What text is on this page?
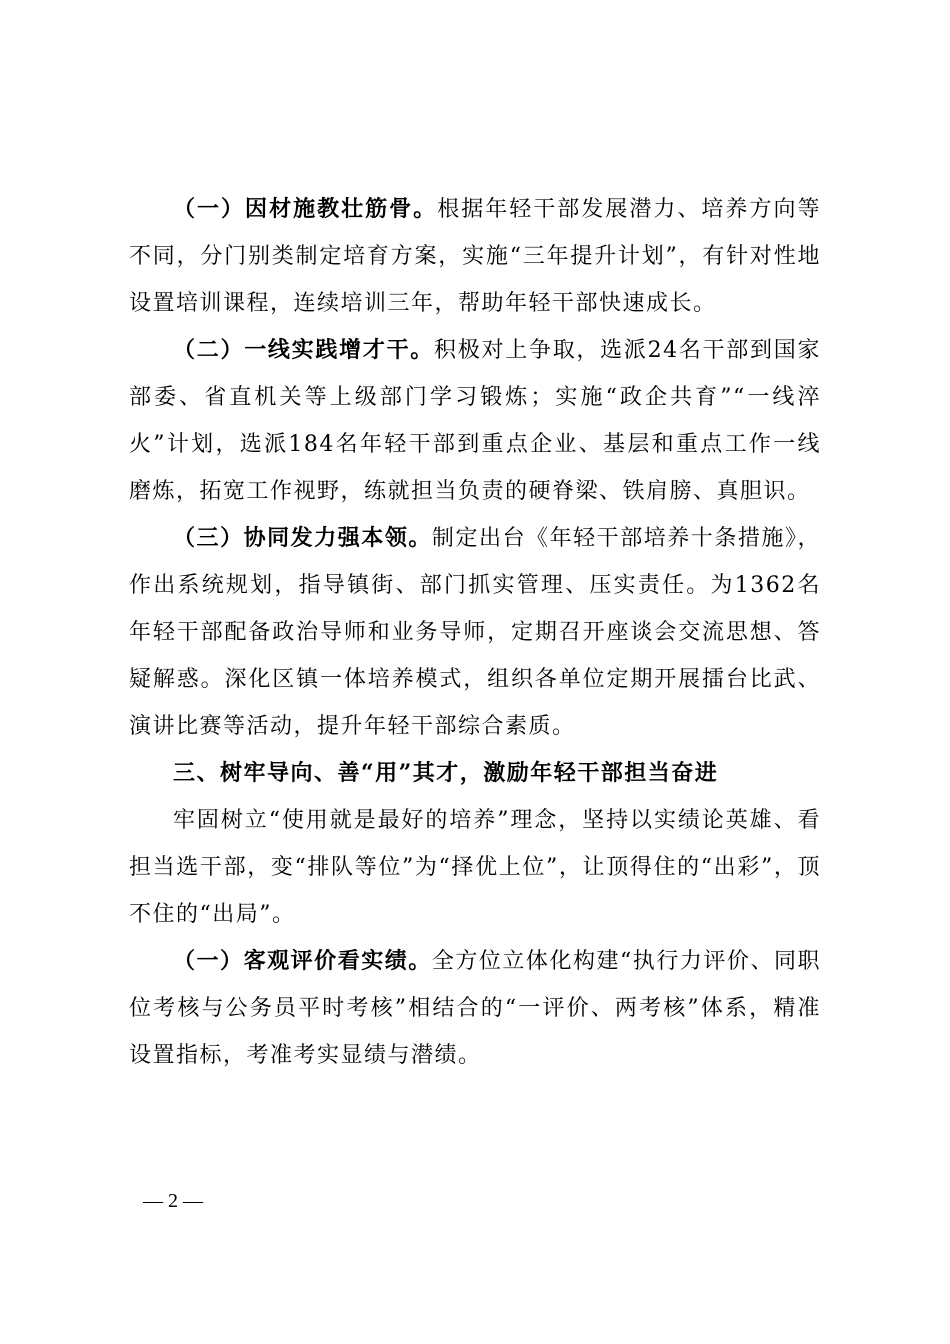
（一）因材施教壮筋骨。根据年轻干部发展潜力、培养方向等不同，分门别类制定培育方案，实施“三年提升计划”，有针对性地设置培训课程，连续培训三年，帮助年轻干部快速成长。

（二）一线实践增才干。积极对上争取，选派24名干部到国家部委、省直机关等上级部门学习锻炼；实施“政企共育”“一线淬火”计划，选派184名年轻干部到重点企业、基层和重点工作一线磨炼，拓宽工作视野，练就担当负责的硬脊梁、铁肩膀、真胆识。

（三）协同发力强本领。制定出台《年轻干部培养十条措施》，作出系统规划，指导镇街、部门抓实管理、压实责任。为1362名年轻干部配备政治导师和业务导师，定期召开座谈会交流思想、答疑解惑。深化区镇一体培养模式，组织各单位定期开展擂台比武、演讲比赛等活动，提升年轻干部综合素质。

三、树牢导向、善“用”其才，激励年轻干部担当奋进

牢固树立“使用就是最好的培养”理念，坚持以实绩论英雄、看担当选干部，变“排队等位”为“择优上位”，让顶得住的“出彩”，顶不住的“出局”。

（一）客观评价看实绩。全方位立体化构建“执行力评价、同职位考核与公务员平时考核”相结合的“一评价、两考核”体系，精准设置指标，考准考实显绩与潜绩。

— 2 —
